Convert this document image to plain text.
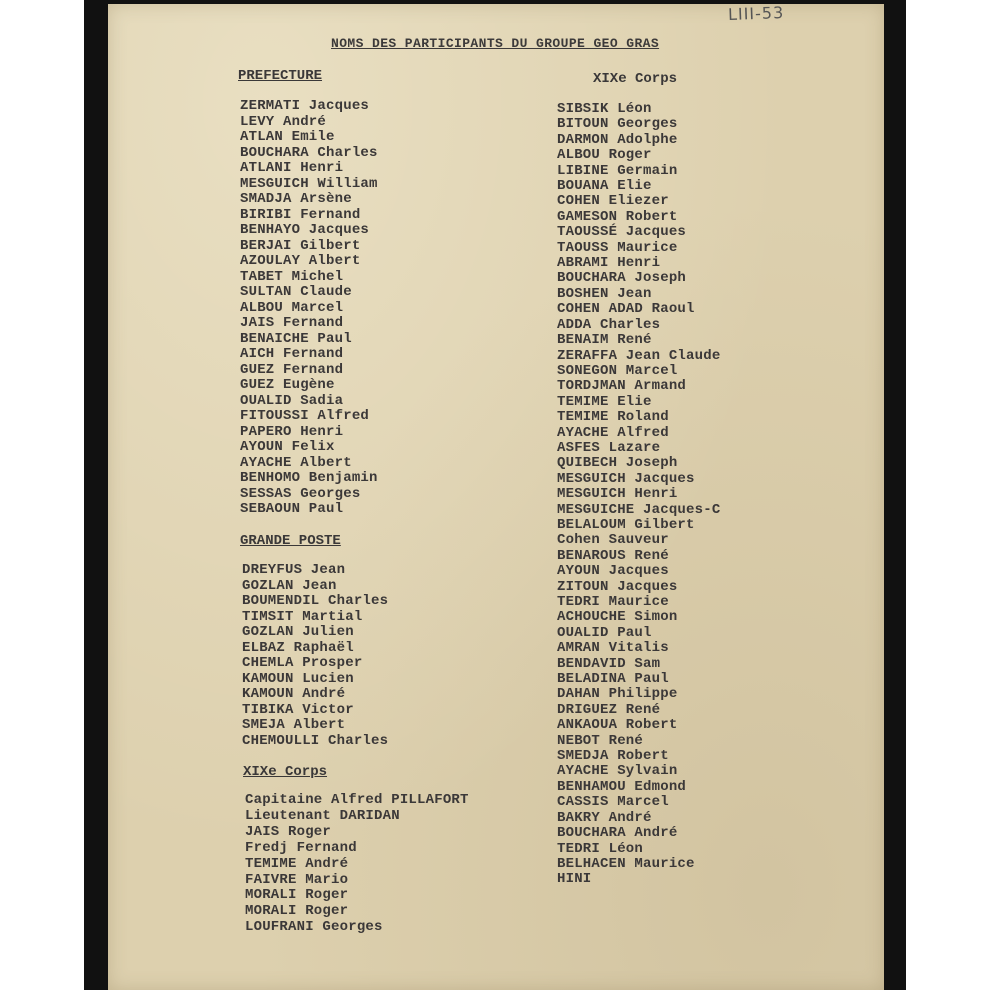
LIII-53
NOMS DES PARTICIPANTS DU GROUPE GEO GRAS
PREFECTURE
ZERMATI Jacques
LEVY André
ATLAN Emile
BOUCHARA Charles
ATLANI Henri
MESGUICH William
SMADJA Arsène
BIRIBI Fernand
BENHAYO Jacques
BERJAI Gilbert
AZOULAY Albert
TABET Michel
SULTAN Claude
ALBOU Marcel
JAIS Fernand
BENAICHE Paul
AICH Fernand
GUEZ Fernand
GUEZ Eugène
OUALID Sadia
FITOUSSI Alfred
PAPERO Henri
AYOUN Felix
AYACHE Albert
BENHOMO Benjamin
SESSAS Georges
SEBAOUN Paul
GRANDE POSTE
DREYFUS Jean
GOZLAN Jean
BOUMENDIL Charles
TIMSIT Martial
GOZLAN Julien
ELBAZ Raphaël
CHEMLA Prosper
KAMOUN Lucien
KAMOUN André
TIBIKA Victor
SMEJA Albert
CHEMOULLI Charles
XIXe Corps
Capitaine Alfred PILLAFORT
Lieutenant DARIDAN
JAIS Roger
Fredj Fernand
TEMIME André
FAIVRE Mario
MORALI Roger
MORALI Roger
LOUFRANI Georges
XIXe Corps
SIBSIK Léon
BITOUN Georges
DARMON Adolphe
ALBOU Roger
LIBINE Germain
BOUANA Elie
COHEN Eliezer
GAMESON Robert
TAOUSSÉ Jacques
TAOUSS Maurice
ABRAMI Henri
BOUCHARA Joseph
BOSHEN Jean
COHEN ADAD Raoul
ADDA Charles
BENAIM René
ZERAFFA Jean Claude
SONEGON Marcel
TORDJMAN Armand
TEMIME Elie
TEMIME Roland
AYACHE Alfred
ASFES Lazare
QUIBECH Joseph
MESGUICH Jacques
MESGUICH Henri
MESGUICHE Jacques-C
BELALOUM Gilbert
Cohen Sauveur
BENAROUS René
AYOUN Jacques
ZITOUN Jacques
TEDRI Maurice
ACHOUCHE Simon
OUALID Paul
AMRAN Vitalis
BENDAVID Sam
BELADINA Paul
DAHAN Philippe
DRIGUEZ René
ANKAOUA Robert
NEBOT René
SMEDJA Robert
AYACHE Sylvain
BENHAMOU Edmond
CASSIS Marcel
BAKRY André
BOUCHARA André
TEDRI Léon
BELHACEN Maurice
HINI
